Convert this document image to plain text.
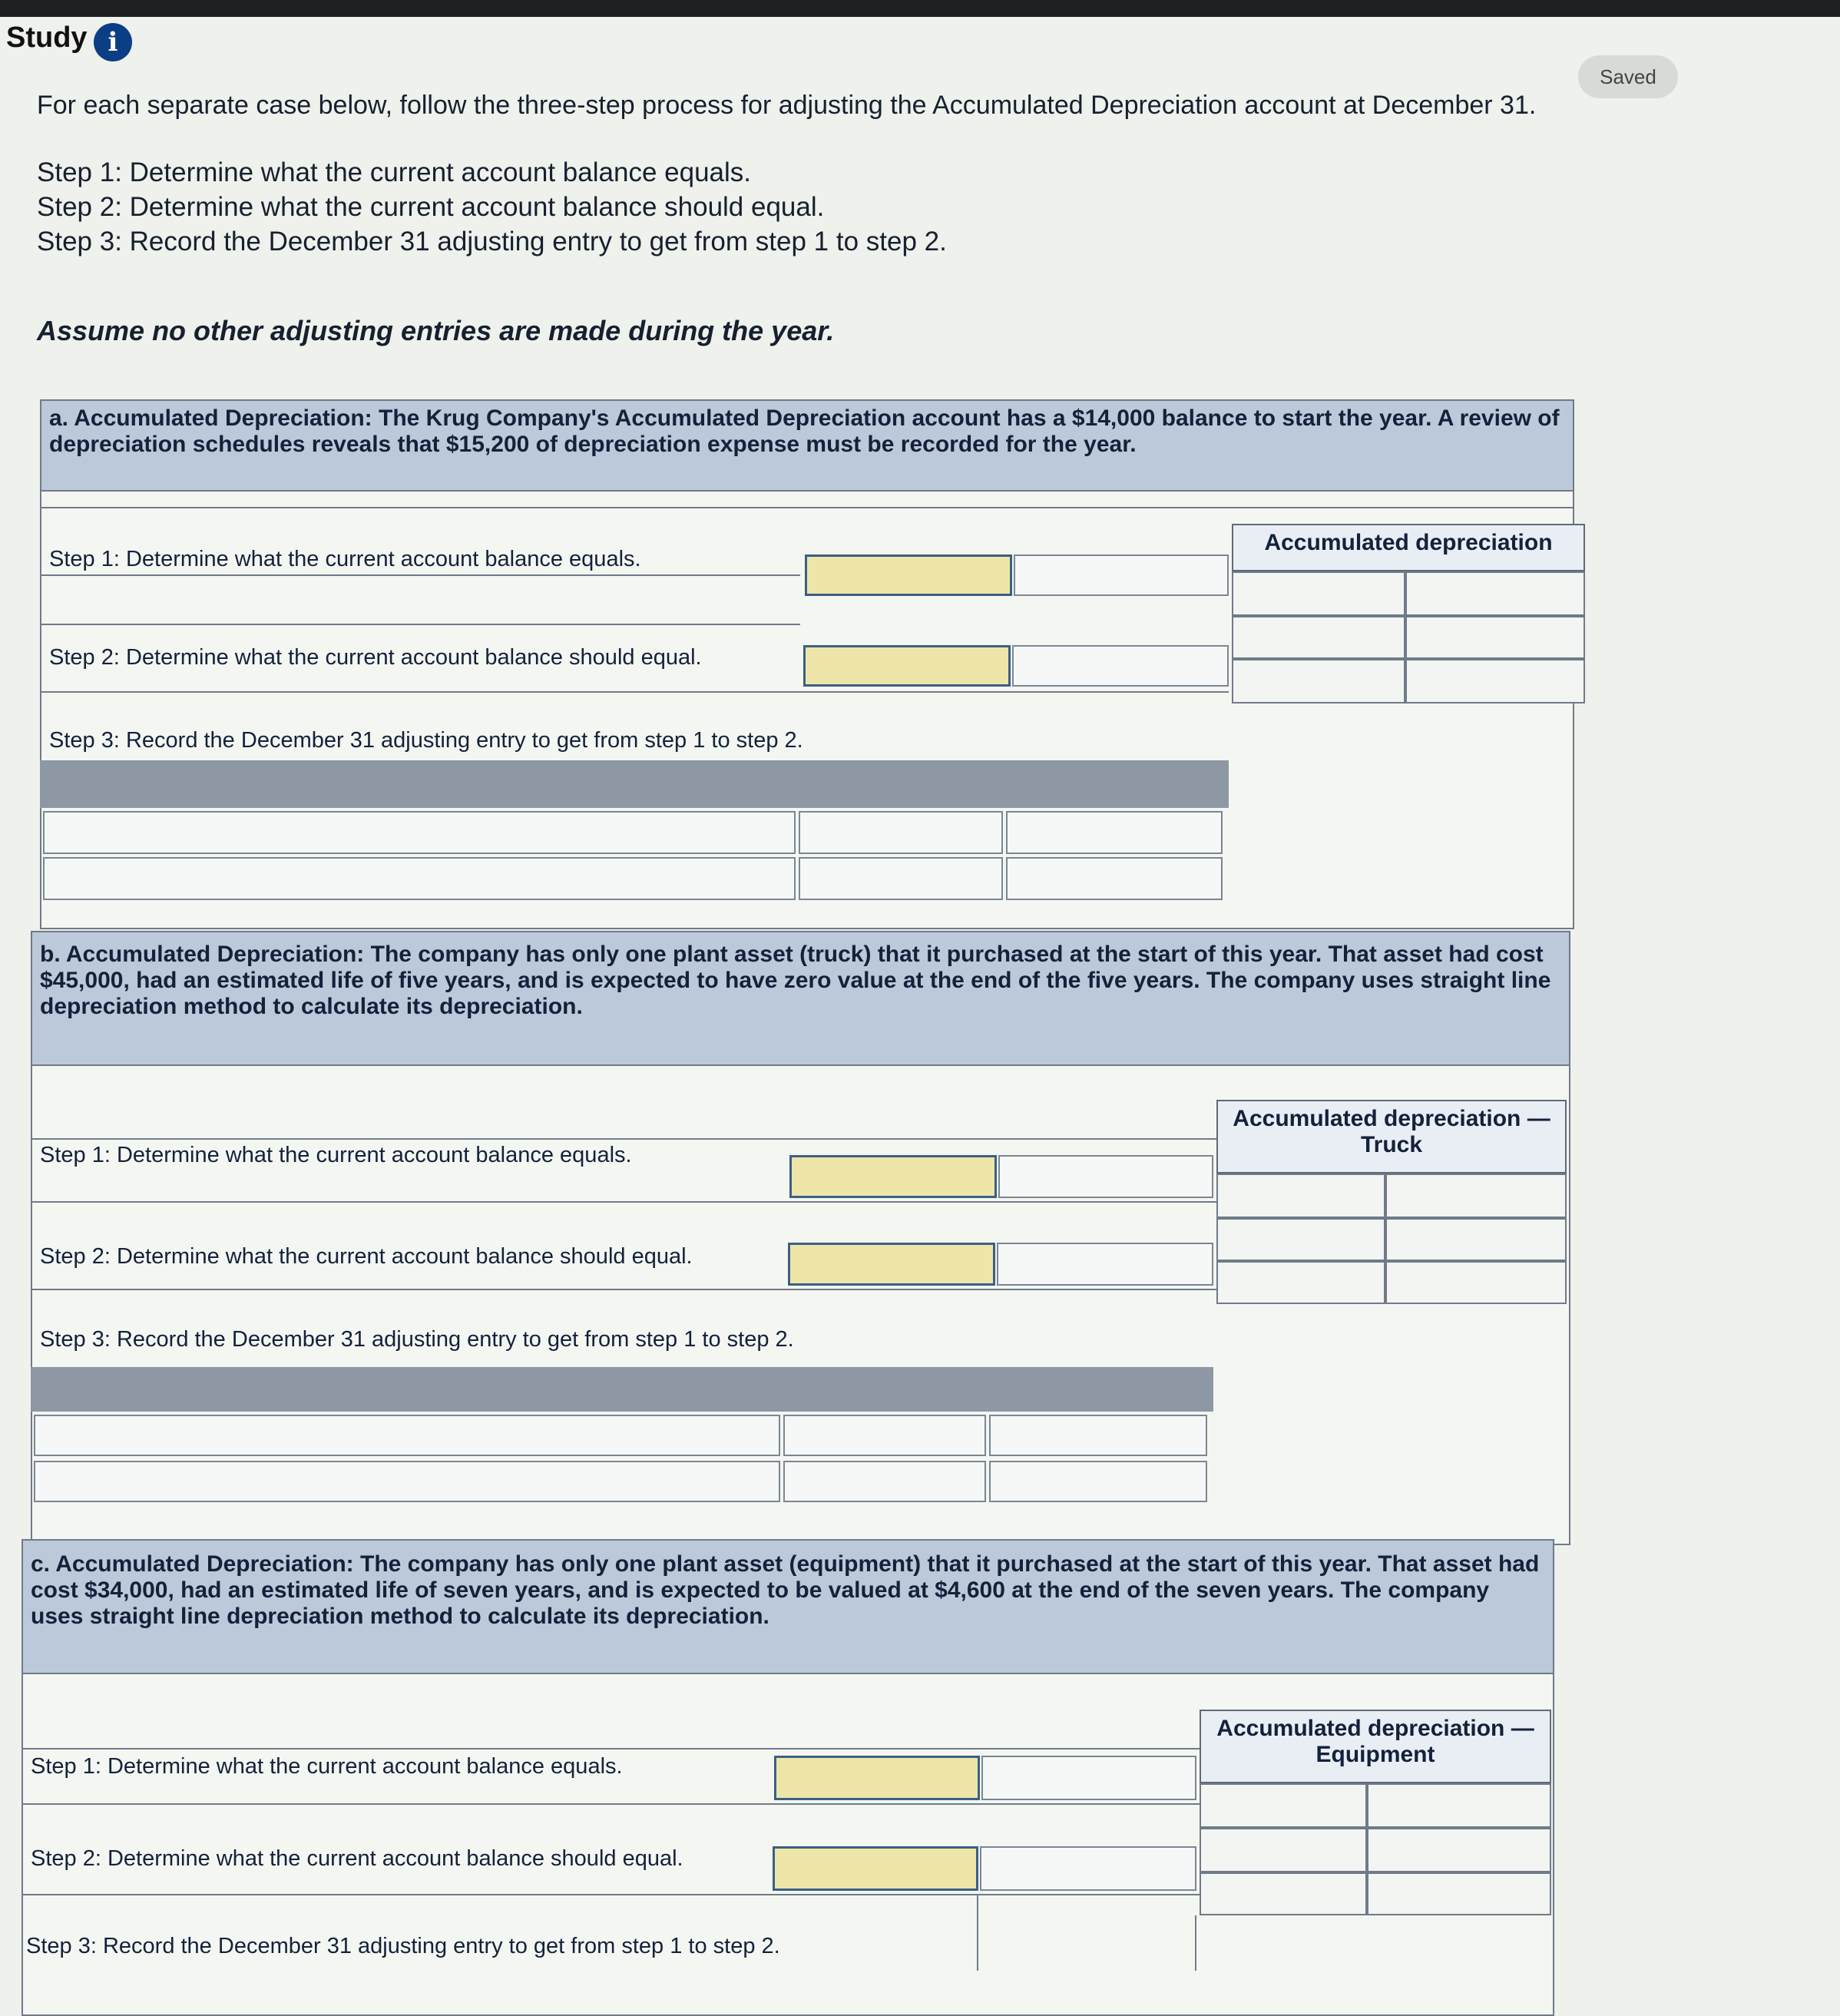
Study i
Saved
For each separate case below, follow the three-step process for adjusting the Accumulated Depreciation account at December 31.
Step 1: Determine what the current account balance equals.
Step 2: Determine what the current account balance should equal.
Step 3: Record the December 31 adjusting entry to get from step 1 to step 2.
Assume no other adjusting entries are made during the year.
a. Accumulated Depreciation: The Krug Company's Accumulated Depreciation account has a $14,000 balance to start the year. A review of depreciation schedules reveals that $15,200 of depreciation expense must be recorded for the year.
Step 1: Determine what the current account balance equals.
Step 2: Determine what the current account balance should equal.
Accumulated depreciation
Step 3: Record the December 31 adjusting entry to get from step 1 to step 2.
b. Accumulated Depreciation: The company has only one plant asset (truck) that it purchased at the start of this year. That asset had cost $45,000, had an estimated life of five years, and is expected to have zero value at the end of the five years. The company uses straight line depreciation method to calculate its depreciation.
Accumulated depreciation —Truck
Step 1: Determine what the current account balance equals.
Step 2: Determine what the current account balance should equal.
Step 3: Record the December 31 adjusting entry to get from step 1 to step 2.
c. Accumulated Depreciation: The company has only one plant asset (equipment) that it purchased at the start of this year. That asset had cost $34,000, had an estimated life of seven years, and is expected to be valued at $4,600 at the end of the seven years. The company uses straight line depreciation method to calculate its depreciation.
Accumulated depreciation —Equipment
Step 1: Determine what the current account balance equals.
Step 2: Determine what the current account balance should equal.
Step 3: Record the December 31 adjusting entry to get from step 1 to step 2.
